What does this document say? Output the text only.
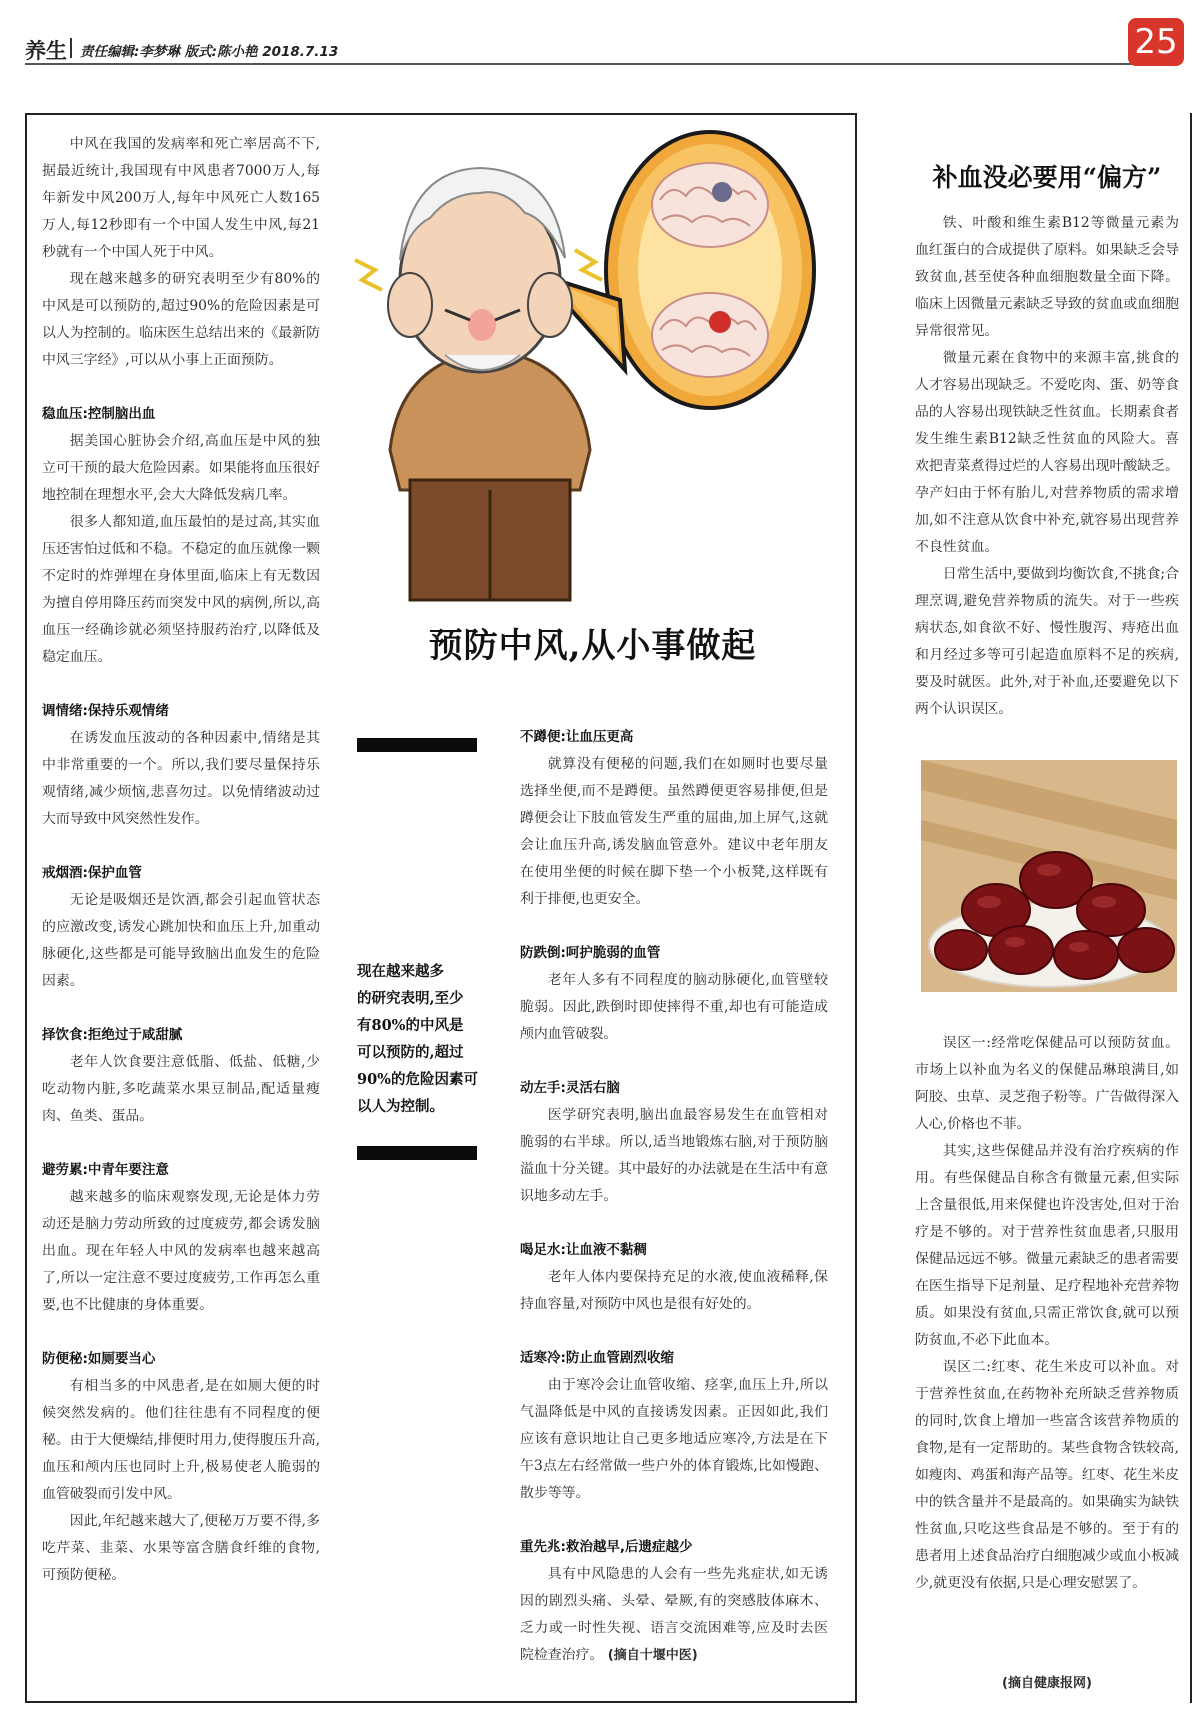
养生 责任编辑:李梦琳 版式:陈小艳 2018.7.13	25
预防中风,从小事做起

中风在我国的发病率和死亡率居高不下,据最近统计,我国现有中风患者7000万人,每年新发中风200万人,每年中风死亡人数165万人,每12秒即有一个中国人发生中风,每21秒就有一个中国人死于中风。

现在越来越多的研究表明至少有80%的中风是可以预防的,超过90%的危险因素是可以人为控制的。临床医生总结出来的《最新防中风三字经》,可以从小事上正面预防。

稳血压:控制脑出血

据美国心脏协会介绍,高血压是中风的独立可干预的最大危险因素。如果能将血压很好地控制在理想水平,会大大降低发病几率。

很多人都知道,血压最怕的是过高,其实血压还害怕过低和不稳。不稳定的血压就像一颗不定时的炸弹埋在身体里面,临床上有无数因为擅自停用降压药而突发中风的病例,所以,高血压一经确诊就必须坚持服药治疗,以降低及稳定血压。

调情绪:保持乐观情绪

在诱发血压波动的各种因素中,情绪是其中非常重要的一个。所以,我们要尽量保持乐观情绪,减少烦恼,悲喜勿过。以免情绪波动过大而导致中风突然性发作。

戒烟酒:保护血管

无论是吸烟还是饮酒,都会引起血管状态的应激改变,诱发心跳加快和血压上升,加重动脉硬化,这些都是可能导致脑出血发生的危险因素。

择饮食:拒绝过于咸甜腻

老年人饮食要注意低脂、低盐、低糖,少吃动物内脏,多吃蔬菜水果豆制品,配适量瘦肉、鱼类、蛋品。

避劳累:中青年要注意

越来越多的临床观察发现,无论是体力劳动还是脑力劳动所致的过度疲劳,都会诱发脑出血。现在年轻人中风的发病率也越来越高了,所以一定注意不要过度疲劳,工作再怎么重要,也不比健康的身体重要。

防便秘:如厕要当心

有相当多的中风患者,是在如厕大便的时候突然发病的。他们往往患有不同程度的便秘。由于大便燥结,排便时用力,使得腹压升高,血压和颅内压也同时上升,极易使老人脆弱的血管破裂而引发中风。

因此,年纪越来越大了,便秘万万要不得,多吃芹菜、韭菜、水果等富含膳食纤维的食物,可预防便秘。

现在越来越多
的研究表明,至少
有80%的中风是
可以预防的,超过
90%的危险因素可
以人为控制。
不蹲便:让血压更高

就算没有便秘的问题,我们在如厕时也要尽量选择坐便,而不是蹲便。虽然蹲便更容易排便,但是蹲便会让下肢血管发生严重的屈曲,加上屏气,这就会让血压升高,诱发脑血管意外。建议中老年朋友在使用坐便的时候在脚下垫一个小板凳,这样既有利于排便,也更安全。

防跌倒:呵护脆弱的血管

老年人多有不同程度的脑动脉硬化,血管壁较脆弱。因此,跌倒时即使摔得不重,却也有可能造成颅内血管破裂。

动左手:灵活右脑

医学研究表明,脑出血最容易发生在血管相对脆弱的右半球。所以,适当地锻炼右脑,对于预防脑溢血十分关键。其中最好的办法就是在生活中有意识地多动左手。

喝足水:让血液不黏稠

老年人体内要保持充足的水液,使血液稀释,保持血容量,对预防中风也是很有好处的。

适寒冷:防止血管剧烈收缩

由于寒冷会让血管收缩、痉挛,血压上升,所以气温降低是中风的直接诱发因素。正因如此,我们应该有意识地让自己更多地适应寒冷,方法是在下午3点左右经常做一些户外的体育锻炼,比如慢跑、散步等等。

重先兆:救治越早,后遗症越少

具有中风隐患的人会有一些先兆症状,如无诱因的剧烈头痛、头晕、晕厥,有的突感肢体麻木、乏力或一时性失视、语言交流困难等,应及时去医院检查治疗。 (摘自十堰中医)

补血没必要用“偏方”

铁、叶酸和维生素B12等微量元素为血红蛋白的合成提供了原料。如果缺乏会导致贫血,甚至使各种血细胞数量全面下降。临床上因微量元素缺乏导致的贫血或血细胞异常很常见。

微量元素在食物中的来源丰富,挑食的人才容易出现缺乏。不爱吃肉、蛋、奶等食品的人容易出现铁缺乏性贫血。长期素食者发生维生素B12缺乏性贫血的风险大。喜欢把青菜煮得过烂的人容易出现叶酸缺乏。孕产妇由于怀有胎儿,对营养物质的需求增加,如不注意从饮食中补充,就容易出现营养不良性贫血。

日常生活中,要做到均衡饮食,不挑食;合理烹调,避免营养物质的流失。对于一些疾病状态,如食欲不好、慢性腹泻、痔疮出血和月经过多等可引起造血原料不足的疾病,要及时就医。此外,对于补血,还要避免以下两个认识误区。

误区一:经常吃保健品可以预防贫血。市场上以补血为名义的保健品琳琅满目,如阿胶、虫草、灵芝孢子粉等。广告做得深入人心,价格也不菲。

其实,这些保健品并没有治疗疾病的作用。有些保健品自称含有微量元素,但实际上含量很低,用来保健也许没害处,但对于治疗是不够的。对于营养性贫血患者,只服用保健品远远不够。微量元素缺乏的患者需要在医生指导下足剂量、足疗程地补充营养物质。如果没有贫血,只需正常饮食,就可以预防贫血,不必下此血本。

误区二:红枣、花生米皮可以补血。对于营养性贫血,在药物补充所缺乏营养物质的同时,饮食上增加一些富含该营养物质的食物,是有一定帮助的。某些食物含铁较高,如瘦肉、鸡蛋和海产品等。红枣、花生米皮中的铁含量并不是最高的。如果确实为缺铁性贫血,只吃这些食品是不够的。至于有的患者用上述食品治疗白细胞减少或血小板减少,就更没有依据,只是心理安慰罢了。

(摘自健康报网)
